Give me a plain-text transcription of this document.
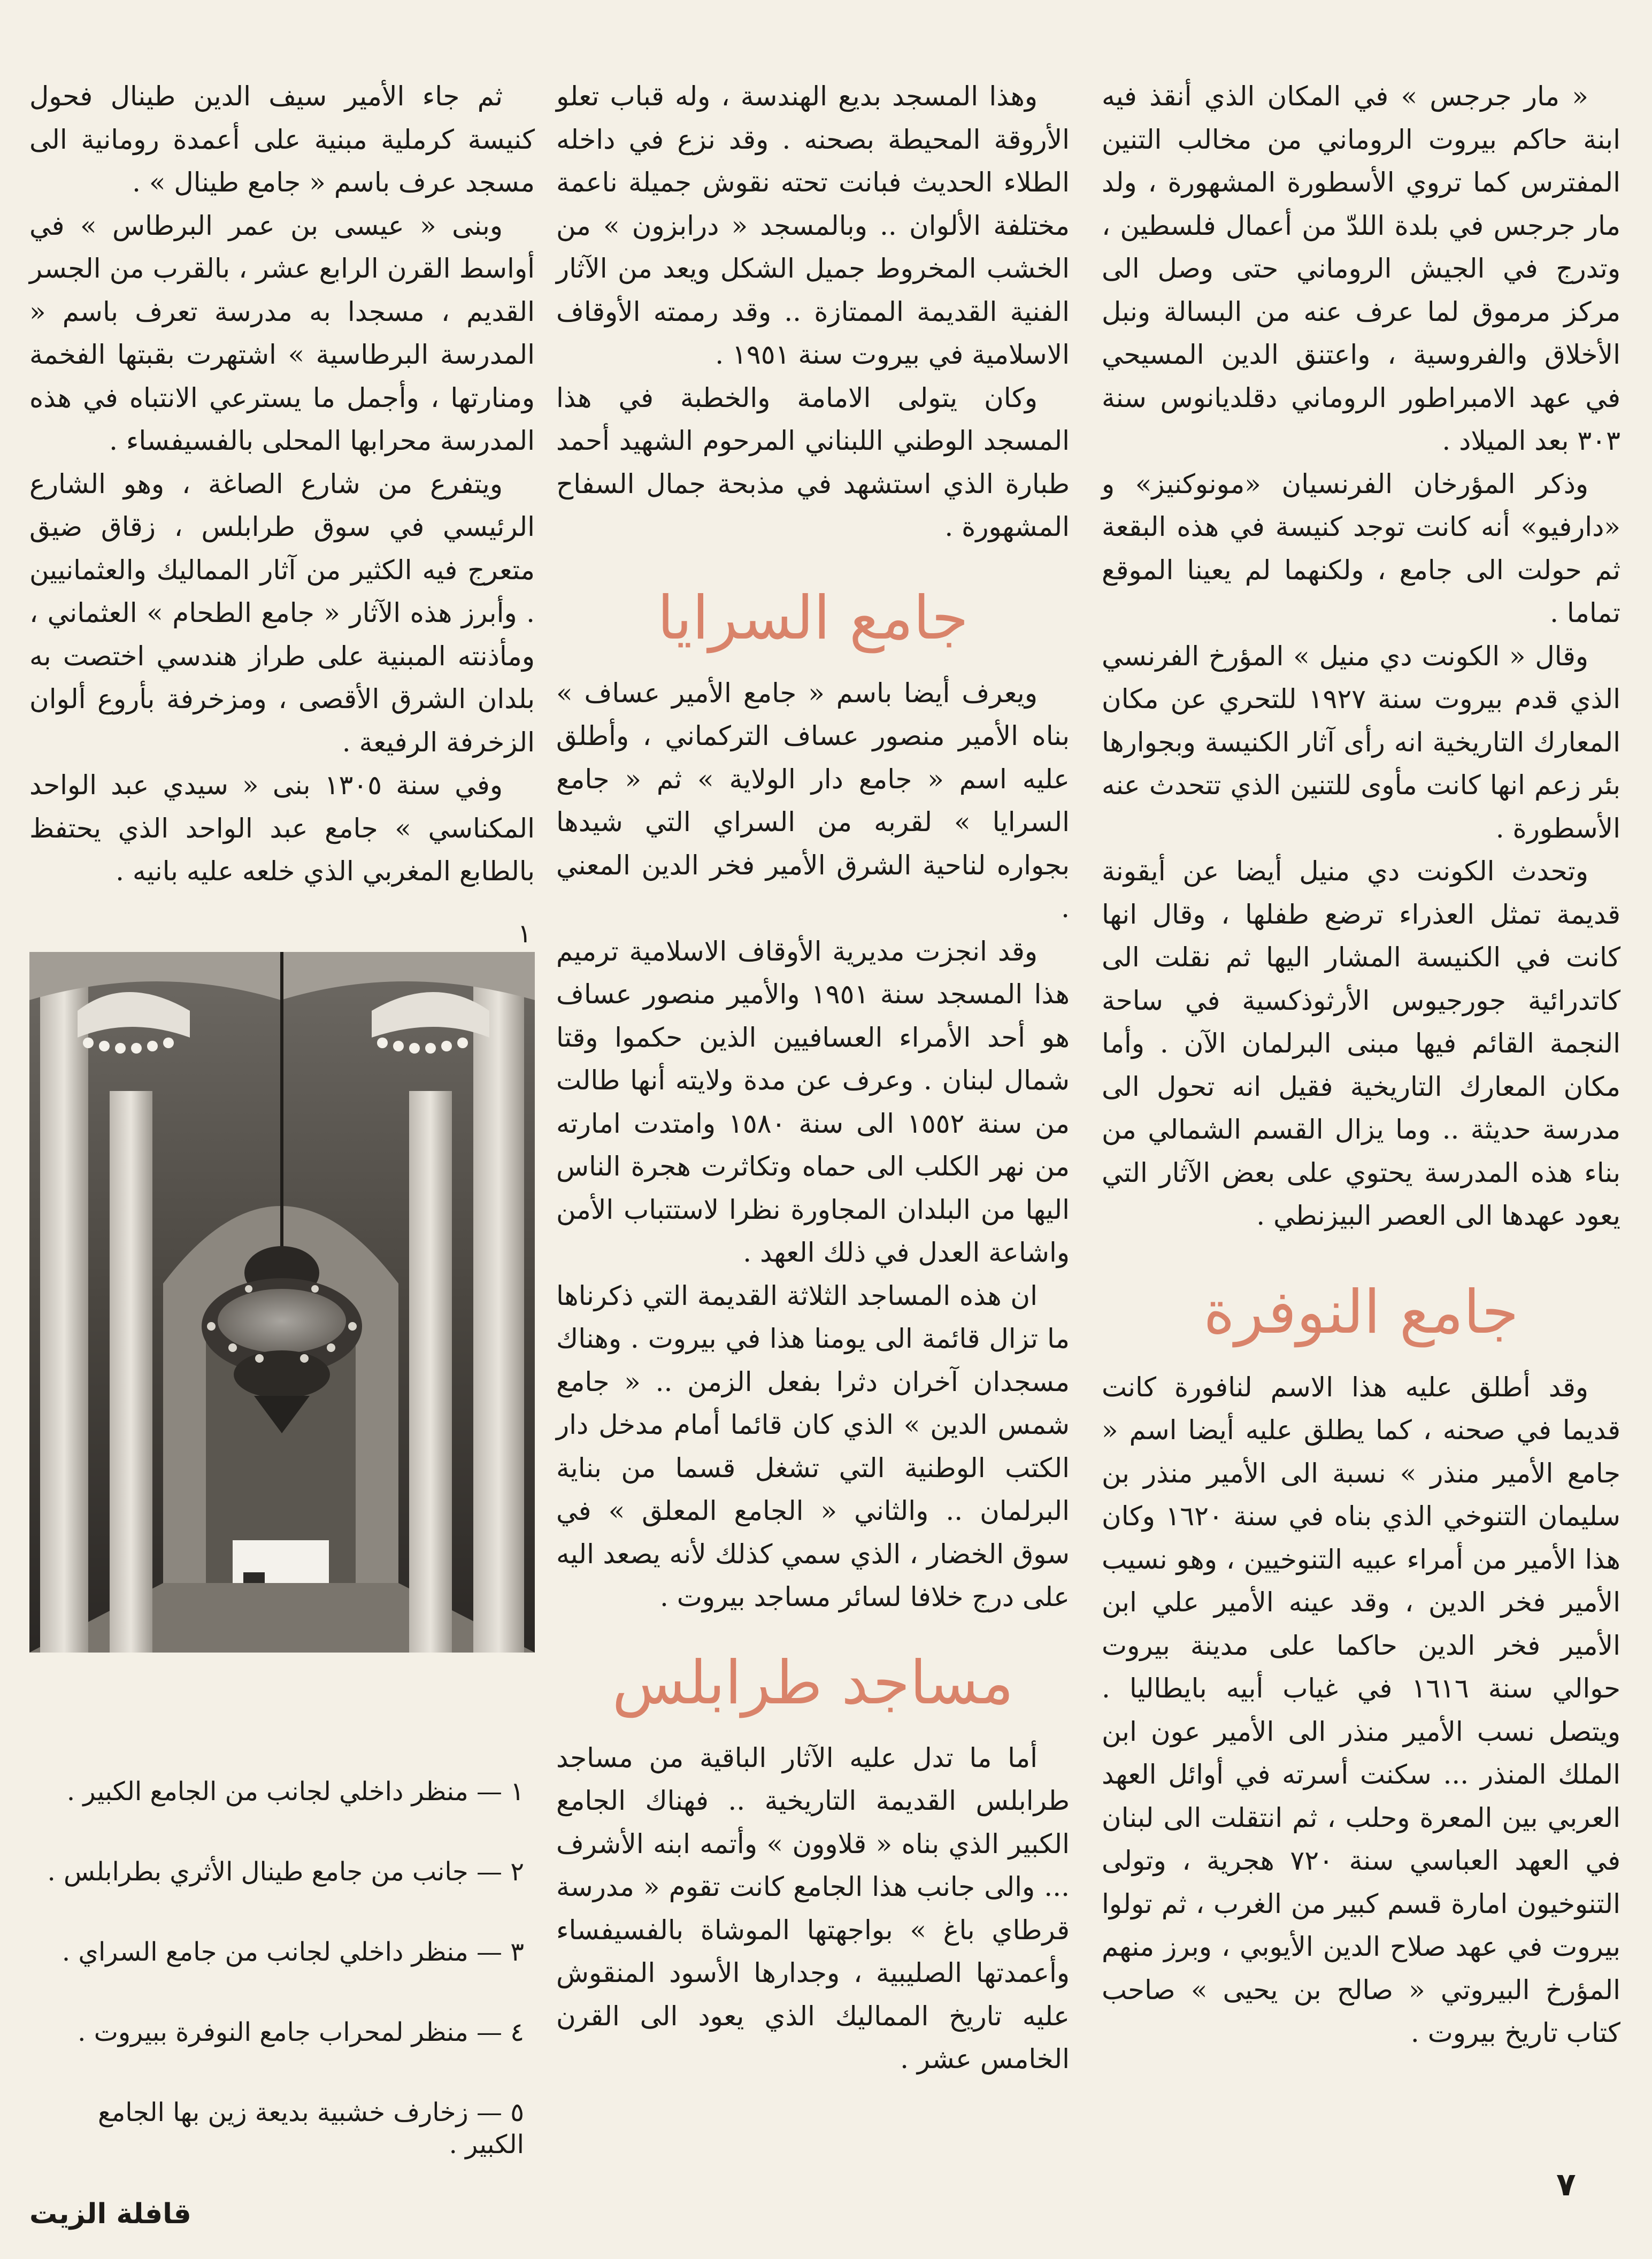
« مار جرجس » في المكان الذي أنقذ فيه ابنة حاكم بيروت الروماني من مخالب التنين المفترس كما تروي الأسطورة المشهورة ، ولد مار جرجس في بلدة اللدّ من أعمال فلسطين ، وتدرج في الجيش الروماني حتى وصل الى مركز مرموق لما عرف عنه من البسالة ونبل الأخلاق والفروسية ، واعتنق الدين المسيحي في عهد الامبراطور الروماني دقلديانوس سنة ٣٠٣ بعد الميلاد .

وذكر المؤرخان الفرنسيان «مونوكنيز» و «دارفيو» أنه كانت توجد كنيسة في هذه البقعة ثم حولت الى جامع ، ولكنهما لم يعينا الموقع تماما .

وقال « الكونت دي منيل » المؤرخ الفرنسي الذي قدم بيروت سنة ١٩٢٧ للتحري عن مكان المعارك التاريخية انه رأى آثار الكنيسة وبجوارها بئر زعم انها كانت مأوى للتنين الذي تتحدث عنه الأسطورة .

وتحدث الكونت دي منيل أيضا عن أيقونة قديمة تمثل العذراء ترضع طفلها ، وقال انها كانت في الكنيسة المشار اليها ثم نقلت الى كاتدرائية جورجيوس الأرثوذكسية في ساحة النجمة القائم فيها مبنى البرلمان الآن . وأما مكان المعارك التاريخية فقيل انه تحول الى مدرسة حديثة .. وما يزال القسم الشمالي من بناء هذه المدرسة يحتوي على بعض الآثار التي يعود عهدها الى العصر البيزنطي .

جامع النوفرة

وقد أطلق عليه هذا الاسم لنافورة كانت قديما في صحنه ، كما يطلق عليه أيضا اسم « جامع الأمير منذر » نسبة الى الأمير منذر بن سليمان التنوخي الذي بناه في سنة ١٦٢٠ وكان هذا الأمير من أمراء عبيه التنوخيين ، وهو نسيب الأمير فخر الدين ، وقد عينه الأمير علي ابن الأمير فخر الدين حاكما على مدينة بيروت حوالي سنة ١٦١٦ في غياب أبيه بايطاليا . ويتصل نسب الأمير منذر الى الأمير عون ابن الملك المنذر ... سكنت أسرته في أوائل العهد العربي بين المعرة وحلب ، ثم انتقلت الى لبنان في العهد العباسي سنة ٧٢٠ هجرية ، وتولى التنوخيون امارة قسم كبير من الغرب ، ثم تولوا بيروت في عهد صلاح الدين الأيوبي ، وبرز منهم المؤرخ البيروتي « صالح بن يحيى » صاحب كتاب تاريخ بيروت .

وهذا المسجد بديع الهندسة ، وله قباب تعلو الأروقة المحيطة بصحنه . وقد نزع في داخله الطلاء الحديث فبانت تحته نقوش جميلة ناعمة مختلفة الألوان .. وبالمسجد « درابزون » من الخشب المخروط جميل الشكل ويعد من الآثار الفنية القديمة الممتازة .. وقد رممته الأوقاف الاسلامية في بيروت سنة ١٩٥١ .

وكان يتولى الامامة والخطبة في هذا المسجد الوطني اللبناني المرحوم الشهيد أحمد طبارة الذي استشهد في مذبحة جمال السفاح المشهورة .

جامع السرايا

ويعرف أيضا باسم « جامع الأمير عساف » بناه الأمير منصور عساف التركماني ، وأطلق عليه اسم « جامع دار الولاية » ثم « جامع السرايا » لقربه من السراي التي شيدها بجواره لناحية الشرق الأمير فخر الدين المعني .

وقد انجزت مديرية الأوقاف الاسلامية ترميم هذا المسجد سنة ١٩٥١ والأمير منصور عساف هو أحد الأمراء العسافيين الذين حكموا وقتا شمال لبنان . وعرف عن مدة ولايته أنها طالت من سنة ١٥٥٢ الى سنة ١٥٨٠ وامتدت امارته من نهر الكلب الى حماه وتكاثرت هجرة الناس اليها من البلدان المجاورة نظرا لاستتباب الأمن واشاعة العدل في ذلك العهد .

ان هذه المساجد الثلاثة القديمة التي ذكرناها ما تزال قائمة الى يومنا هذا في بيروت . وهناك مسجدان آخران دثرا بفعل الزمن .. « جامع شمس الدين » الذي كان قائما أمام مدخل دار الكتب الوطنية التي تشغل قسما من بناية البرلمان .. والثاني « الجامع المعلق » في سوق الخضار ، الذي سمي كذلك لأنه يصعد اليه على درج خلافا لسائر مساجد بيروت .

مساجد طرابلس

أما ما تدل عليه الآثار الباقية من مساجد طرابلس القديمة التاريخية .. فهناك الجامع الكبير الذي بناه « قلاوون » وأتمه ابنه الأشرف ... والى جانب هذا الجامع كانت تقوم « مدرسة قرطاي باغ » بواجهتها الموشاة بالفسيفساء وأعمدتها الصليبية ، وجدارها الأسود المنقوش عليه تاريخ المماليك الذي يعود الى القرن الخامس عشر .

ثم جاء الأمير سيف الدين طينال فحول كنيسة كرملية مبنية على أعمدة رومانية الى مسجد عرف باسم « جامع طينال » .

وبنى « عيسى بن عمر البرطاس » في أواسط القرن الرابع عشر ، بالقرب من الجسر القديم ، مسجدا به مدرسة تعرف باسم « المدرسة البرطاسية » اشتهرت بقبتها الفخمة ومنارتها ، وأجمل ما يسترعي الانتباه في هذه المدرسة محرابها المحلى بالفسيفساء .

ويتفرع من شارع الصاغة ، وهو الشارع الرئيسي في سوق طرابلس ، زقاق ضيق متعرج فيه الكثير من آثار المماليك والعثمانيين . وأبرز هذه الآثار « جامع الطحام » العثماني ، ومأذنته المبنية على طراز هندسي اختصت به بلدان الشرق الأقصى ، ومزخرفة بأروع ألوان الزخرفة الرفيعة .

وفي سنة ١٣٠٥ بنى « سيدي عبد الواحد المكناسي » جامع عبد الواحد الذي يحتفظ بالطابع المغربي الذي خلعه عليه بانيه .

١

١ — منظر داخلي لجانب من الجامع الكبير .

٢ — جانب من جامع طينال الأثري بطرابلس .

٣ — منظر داخلي لجانب من جامع السراي .

٤ — منظر لمحراب جامع النوفرة ببيروت .

٥ — زخارف خشبية بديعة زين بها الجامع الكبير .

٧
قافلة الزيت
